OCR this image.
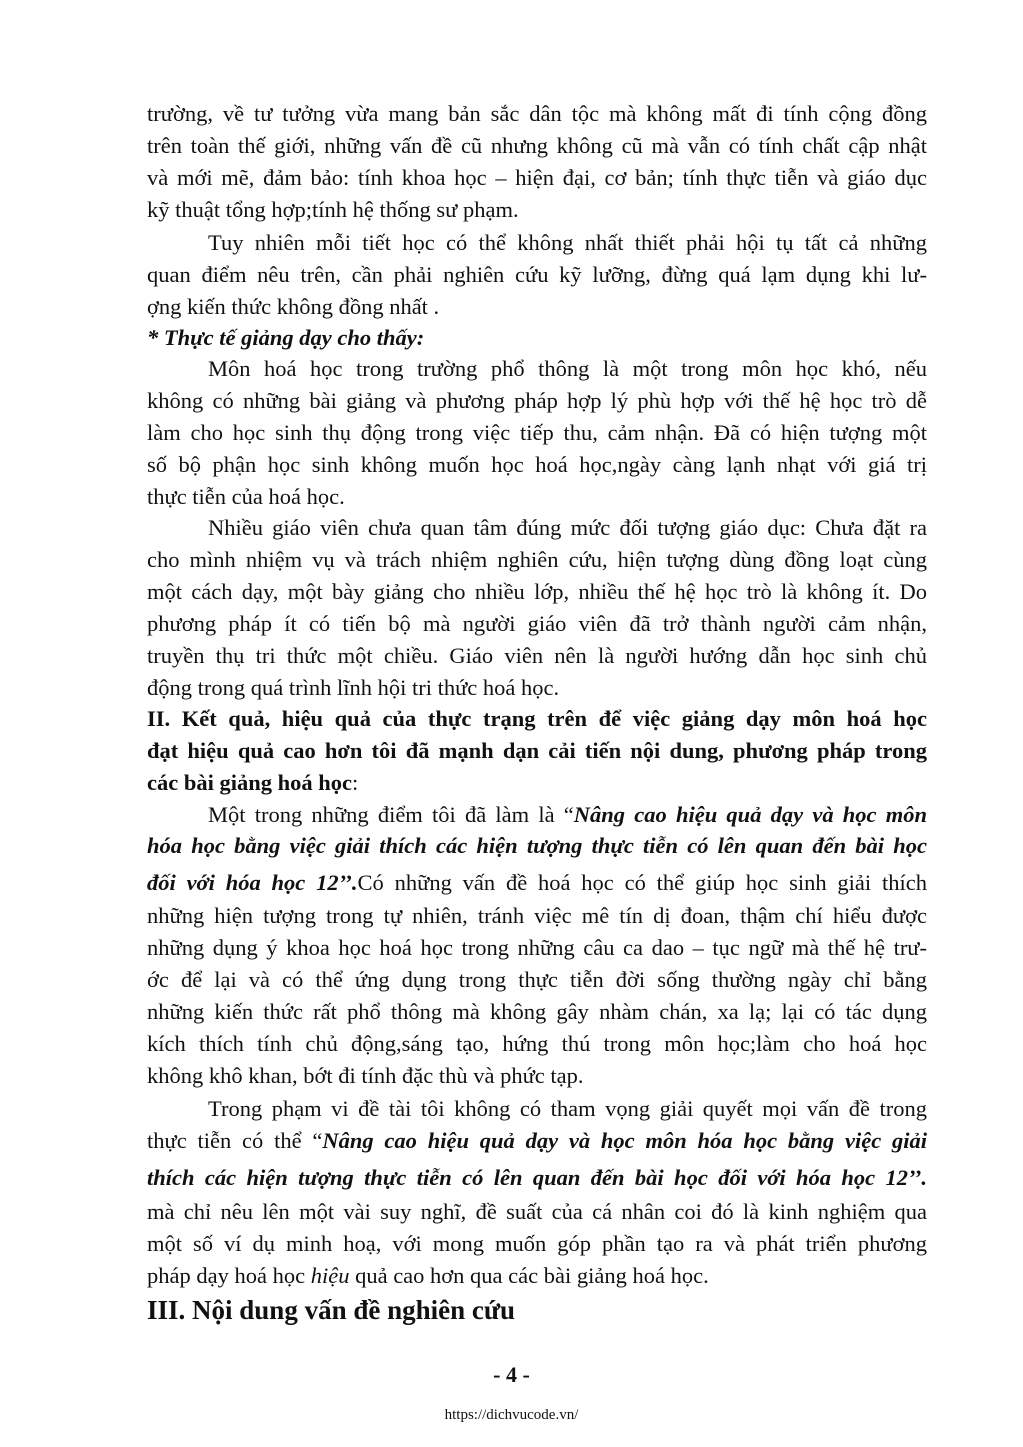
trường, về tư tưởng vừa mang bản sắc dân tộc mà không mất đi tính cộng đồng
trên toàn thế giới, những vấn đề cũ nhưng không cũ mà vẫn có tính chất cập nhật
và mới mẽ, đảm bảo: tính khoa học – hiện đại, cơ bản; tính thực tiễn và giáo dục
kỹ thuật tổng hợp;tính hệ thống sư phạm.
Tuy nhiên mỗi tiết học có thể không nhất thiết phải hội tụ tất cả những
quan điểm nêu trên, cần phải nghiên cứu kỹ lưỡng, đừng quá lạm dụng khi lư-
ợng kiến thức không đồng nhất .
* Thực tế giảng dạy cho thấy:
Môn hoá học trong trường phổ thông là một trong môn học khó, nếu
không có những bài giảng và phương pháp hợp lý phù hợp với thế hệ học trò dễ
làm cho học sinh thụ động trong việc tiếp thu, cảm nhận. Đã có hiện tượng một
số bộ phận học sinh không muốn học hoá học,ngày càng lạnh nhạt với giá trị
thực tiễn của hoá học.
Nhiều giáo viên chưa quan tâm đúng mức đối tượng giáo dục: Chưa đặt ra
cho mình nhiệm vụ và trách nhiệm nghiên cứu, hiện tượng dùng đồng loạt cùng
một cách dạy, một bày giảng cho nhiều lớp, nhiều thế hệ học trò là không ít. Do
phương pháp ít có tiến bộ mà người giáo viên đã trở thành người cảm nhận,
truyền thụ tri thức một chiều. Giáo viên nên là người hướng dẫn học sinh chủ
động trong quá trình lĩnh hội tri thức hoá học.
II. Kết quả, hiệu quả của thực trạng trên để việc giảng dạy môn hoá học
đạt hiệu quả cao hơn tôi đã mạnh dạn cải tiến nội dung, phương pháp trong
các bài giảng hoá học:
Một trong những điểm tôi đã làm là “Nâng cao hiệu quả dạy và học môn
hóa học bằng việc giải thích các hiện tượng thực tiễn có lên quan đến bài học
đối với hóa học 12’’.Có những vấn đề hoá học có thể giúp học sinh giải thích
những hiện tượng trong tự nhiên, tránh việc mê tín dị đoan, thậm chí hiểu được
những dụng ý khoa học hoá học trong những câu ca dao – tục ngữ mà thế hệ trư-
ớc để lại và có thể ứng dụng trong thực tiễn đời sống thường ngày chỉ bằng
những kiến thức rất phổ thông mà không gây nhàm chán, xa lạ; lại có tác dụng
kích thích tính chủ động,sáng tạo, hứng thú trong môn học;làm cho hoá học
không khô khan, bớt đi tính đặc thù và phức tạp.
Trong phạm vi đề tài tôi không có tham vọng giải quyết mọi vấn đề trong
thực tiễn có thể “Nâng cao hiệu quả dạy và học môn hóa học bằng việc giải
thích các hiện tượng thực tiễn có lên quan đến bài học đối với hóa học 12’’.
mà chỉ nêu lên một vài suy nghĩ, đề suất của cá nhân coi đó là kinh nghiệm qua
một số ví dụ minh hoạ, với mong muốn góp phần tạo ra và phát triển phương
pháp dạy hoá học hiệu quả cao hơn qua các bài giảng hoá học.
III. Nội dung vấn đề nghiên cứu
- 4 -
https://dichvucode.vn/
